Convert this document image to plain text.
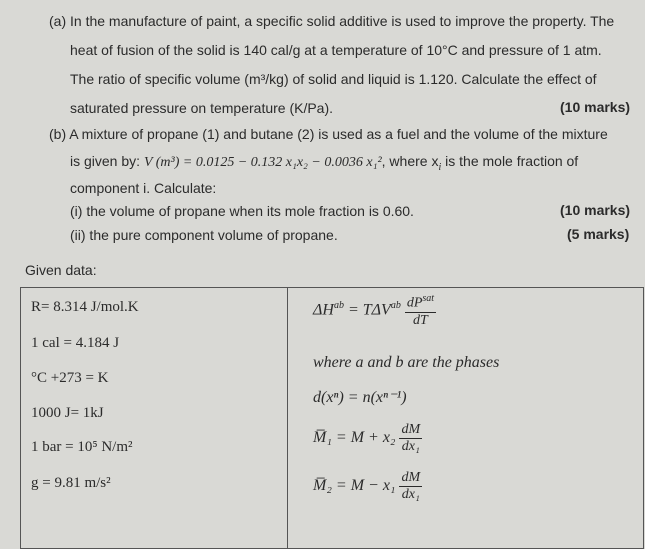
(a) In the manufacture of paint, a specific solid additive is used to improve the property. The
heat of fusion of the solid is 140 cal/g at a temperature of 10°C and pressure of 1 atm.
The ratio of specific volume (m³/kg) of solid and liquid is 1.120. Calculate the effect of
saturated pressure on temperature (K/Pa).	(10 marks)
(b) A mixture of propane (1) and butane (2) is used as a fuel and the volume of the mixture
is given by: V (m³) = 0.0125 − 0.132 x₁x₂ − 0.0036 x₁², where $x_i$ is the mole fraction of
component i. Calculate:
(i) the volume of propane when its mole fraction is 0.60.	(10 marks)
(ii) the pure component volume of propane.	(5 marks)
Given data:
R= 8.314 J/mol.K
1 cal = 4.184 J
°C +273 = K
1000 J= 1kJ
1 bar = 10⁵ N/m²
g = 9.81 m/s²
$\Delta H^{ab} = T\Delta V^{ab} \frac{dP^{sat}}{dT}$
where a and b are the phases
d(xⁿ) = n(xⁿ⁻¹)
M̅₁ = $M + x_2 \frac{dM}{\text{dx₁}}$
M̅₂ = $M - x_1 \frac{dM}{\text{dx₁}}$
